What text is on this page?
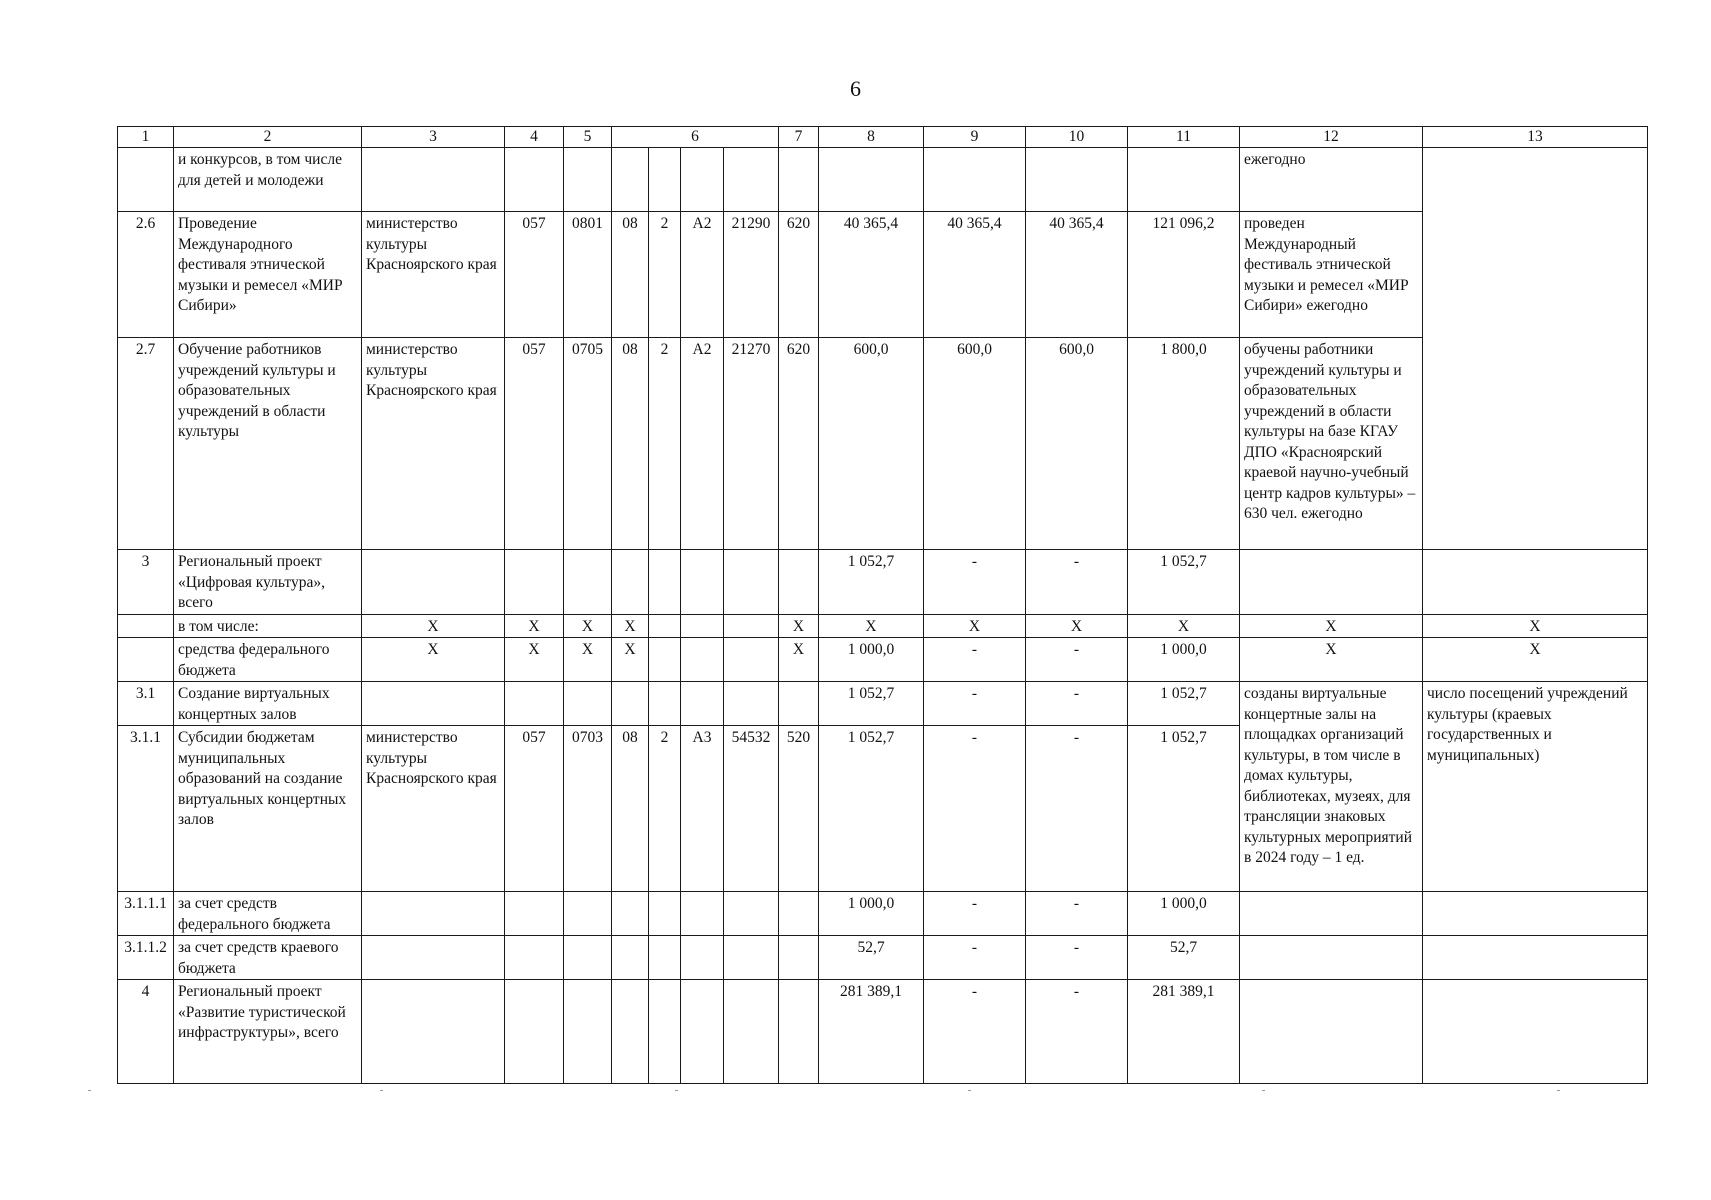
6
1	2	3	4	5	6				7	8	9	10	11	12	13
	и конкурсов, в том числе для детей и молодежи													ежегодно	
2.6	Проведение Международного фестиваля этнической музыки и ремесел «МИР Сибири»	министерство культуры Красноярского края	057	0801	08	2	А2	21290	620	40 365,4	40 365,4	40 365,4	121 096,2	проведен Международный фестиваль этнической музыки и ремесел «МИР Сибири» ежегодно	
2.7	Обучение работников учреждений культуры и образовательных учреждений в области культуры	министерство культуры Красноярского края	057	0705	08	2	А2	21270	620	600,0	600,0	600,0	1 800,0	обучены работники учреждений культуры и образовательных учреждений в области культуры на базе КГАУ ДПО «Красноярский краевой научно-учебный центр кадров культуры» – 630 чел. ежегодно	
3	Региональный проект «Цифровая культура», всего									1 052,7	-	-	1 052,7		
	в том числе:	Х	Х	Х	Х				Х	Х	Х	Х	Х	Х	Х
	средства федерального бюджета	Х	Х	Х	Х				Х	1 000,0	-	-	1 000,0	Х	Х
3.1	Создание виртуальных концертных залов									1 052,7	-	-	1 052,7	созданы виртуальные концертные залы на площадках организаций культуры, в том числе в домах культуры, библиотеках, музеях, для трансляции знаковых культурных мероприятий в 2024 году – 1 ед.	число посещений учреждений культуры (краевых государственных и муниципальных)
3.1.1	Субсидии бюджетам муниципальных образований на создание виртуальных концертных залов	министерство культуры Красноярского края	057	0703	08	2	А3	54532	520	1 052,7	-	-	1 052,7		
3.1.1.1	за счет средств федерального бюджета									1 000,0	-	-	1 000,0		
3.1.1.2	за счет средств краевого бюджета									52,7	-	-	52,7		
4	Региональный проект «Развитие туристической инфраструктуры», всего									281 389,1	-	-	281 389,1		
